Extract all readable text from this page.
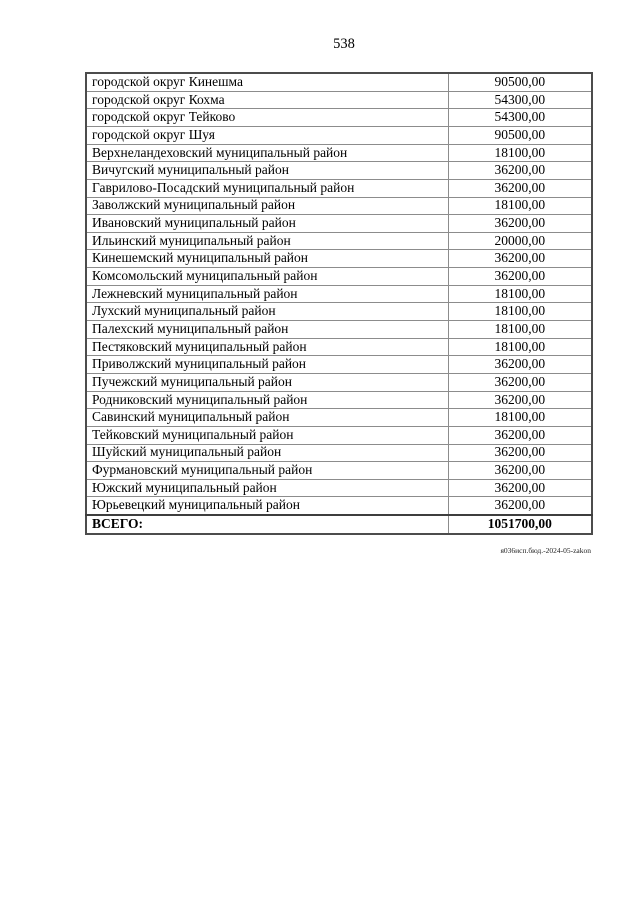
538
городской округ Кинешма	90500,00
городской округ Кохма	54300,00
городской округ Тейково	54300,00
городской округ Шуя	90500,00
Верхнеландеховский муниципальный район	18100,00
Вичугский муниципальный район	36200,00
Гаврилово-Посадский муниципальный район	36200,00
Заволжский муниципальный район	18100,00
Ивановский муниципальный район	36200,00
Ильинский муниципальный район	20000,00
Кинешемский муниципальный район	36200,00
Комсомольский муниципальный район	36200,00
Лежневский муниципальный район	18100,00
Лухский муниципальный район	18100,00
Палехский муниципальный район	18100,00
Пестяковский муниципальный район	18100,00
Приволжский муниципальный район	36200,00
Пучежский муниципальный район	36200,00
Родниковский муниципальный район	36200,00
Савинский муниципальный район	18100,00
Тейковский муниципальный район	36200,00
Шуйский муниципальный район	36200,00
Фурмановский муниципальный район	36200,00
Южский муниципальный район	36200,00
Юрьевецкий муниципальный район	36200,00
ВСЕГО:	1051700,00
я036исп.бюд.-2024-05-zakon
